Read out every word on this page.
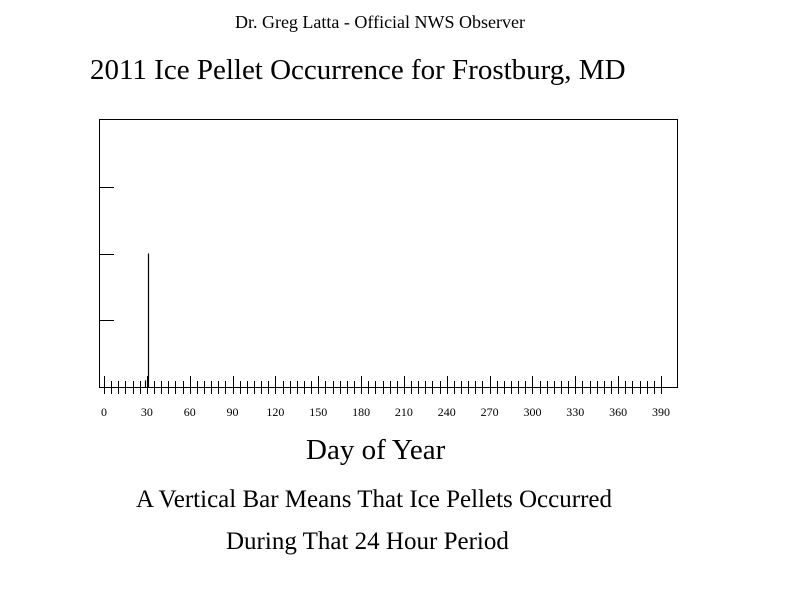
Dr. Greg Latta - Official NWS Observer
2011 Ice Pellet Occurrence for Frostburg, MD
0	30	60	90 120 150 180 210 240 270 300 330 360 390
Day of Year
A Vertical Bar Means That Ice Pellets Occurred
During That 24 Hour Period
